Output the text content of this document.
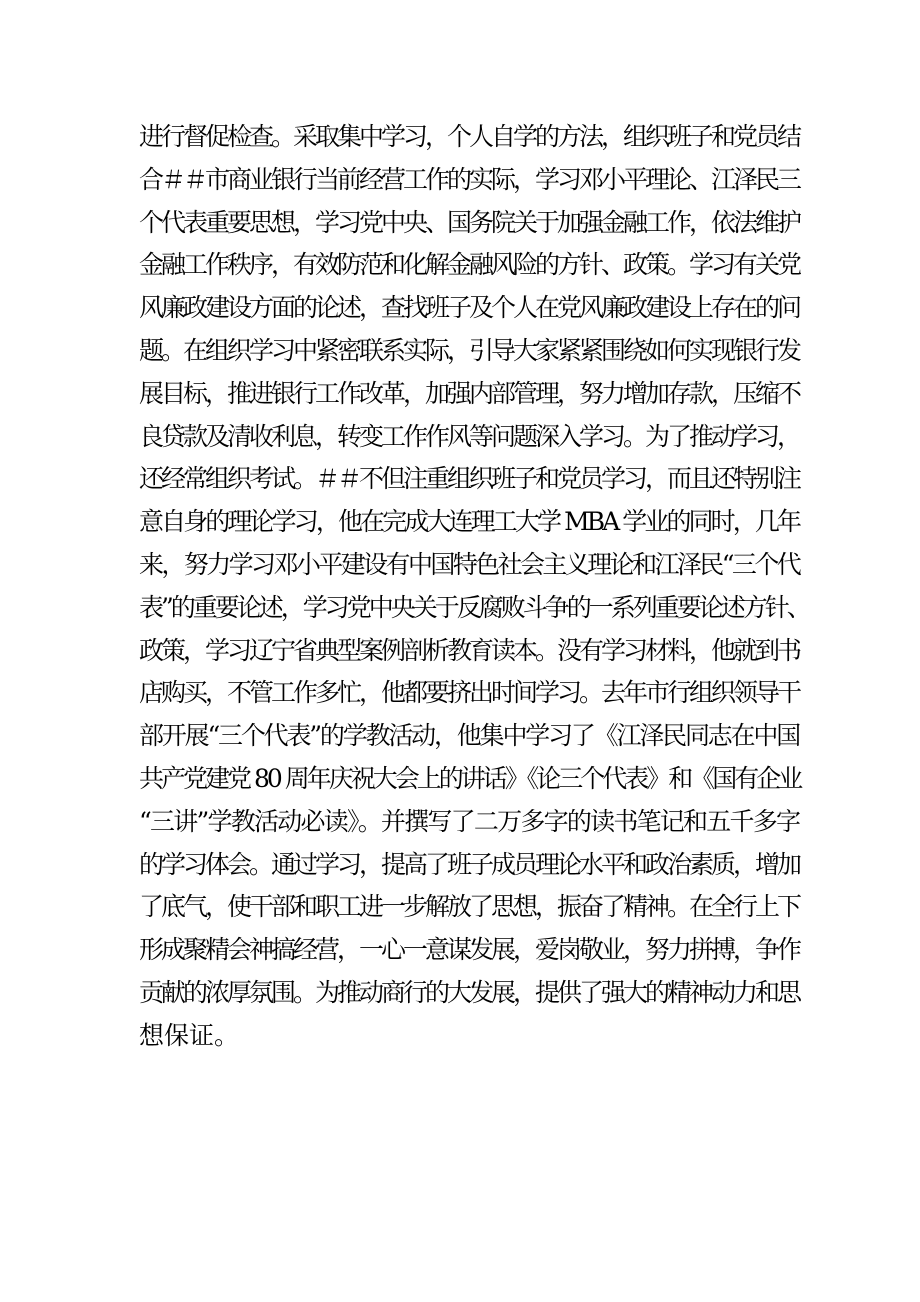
进行督促检查。采取集中学习，个人自学的方法，组织班子和党员结
合＃＃市商业银行当前经营工作的实际，学习邓小平理论、江泽民三
个代表重要思想，学习党中央、国务院关于加强金融工作，依法维护
金融工作秩序，有效防范和化解金融风险的方针、政策。学习有关党
风廉政建设方面的论述，查找班子及个人在党风廉政建设上存在的问
题。在组织学习中紧密联系实际，引导大家紧紧围绕如何实现银行发
展目标，推进银行工作改革，加强内部管理，努力增加存款，压缩不
良贷款及清收利息，转变工作作风等问题深入学习。为了推动学习，
还经常组织考试。＃＃不但注重组织班子和党员学习，而且还特别注
意自身的理论学习，他在完成大连理工大学 MBA 学业的同时，几年
来，努力学习邓小平建设有中国特色社会主义理论和江泽民“三个代
表”的重要论述，学习党中央关于反腐败斗争的一系列重要论述方针、
政策，学习辽宁省典型案例剖析教育读本。没有学习材料，他就到书
店购买，不管工作多忙，他都要挤出时间学习。去年市行组织领导干
部开展“三个代表”的学教活动，他集中学习了《江泽民同志在中国
共产党建党 80 周年庆祝大会上的讲话》《论三个代表》和《国有企业
“三讲”学教活动必读》。并撰写了二万多字的读书笔记和五千多字
的学习体会。通过学习，提高了班子成员理论水平和政治素质，增加
了底气，使干部和职工进一步解放了思想，振奋了精神。在全行上下
形成聚精会神搞经营，一心一意谋发展，爱岗敬业，努力拼搏，争作
贡献的浓厚氛围。为推动商行的大发展，提供了强大的精神动力和思
想保证。
